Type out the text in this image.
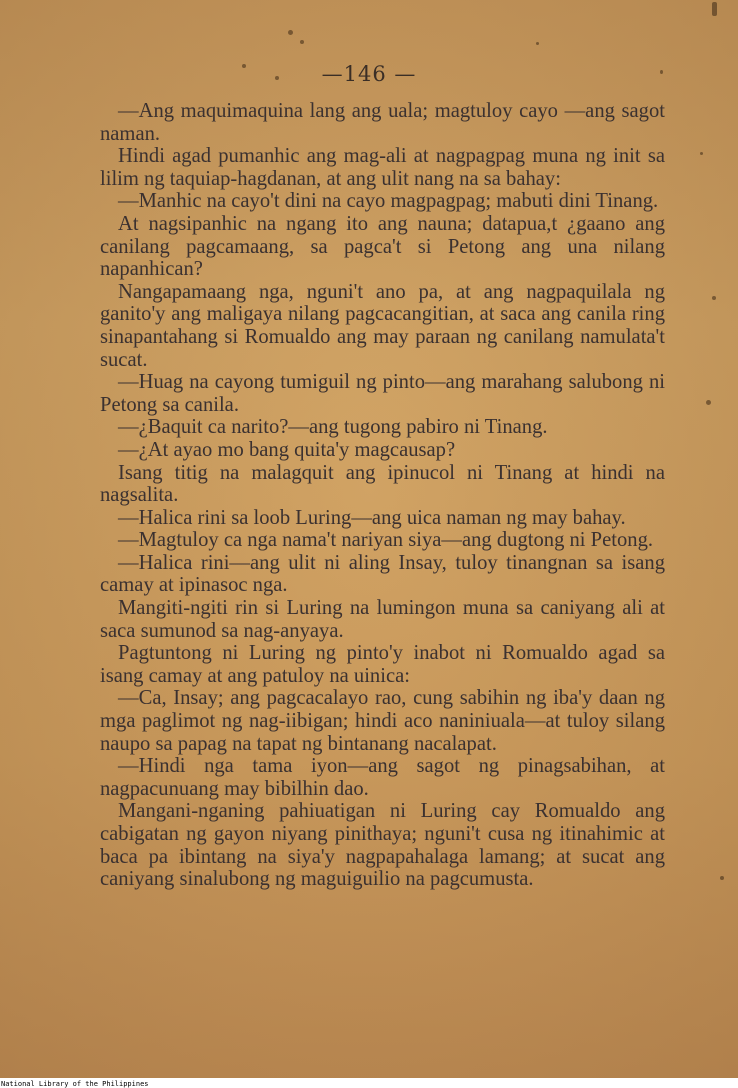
—146 —

—Ang maquimaquina lang ang uala; magtuloy cayo —ang sagot naman.

Hindi agad pumanhic ang mag-ali at nagpagpag muna ng init sa lilim ng taquiap-hagdanan, at ang ulit nang na sa bahay:

—Manhic na cayo't dini na cayo magpagpag; mabuti dini Tinang.

At nagsipanhic na ngang ito ang nauna; datapua,t ¿gaano ang canilang pagcamaang, sa pagca't si Petong ang una nilang napanhican?

Nangapamaang nga, nguni't ano pa, at ang nagpaquilala ng ganito'y ang maligaya nilang pagcacangitian, at saca ang canila ring sinapantahang si Romualdo ang may paraan ng canilang namulata't sucat.

—Huag na cayong tumiguil ng pinto—ang marahang salubong ni Petong sa canila.

—¿Baquit ca narito?—ang tugong pabiro ni Tinang.

—¿At ayao mo bang quita'y magcausap?

Isang titig na malagquit ang ipinucol ni Tinang at hindi na nagsalita.

—Halica rini sa loob Luring—ang uica naman ng may bahay.

—Magtuloy ca nga nama't nariyan siya—ang dugtong ni Petong.

—Halica rini—ang ulit ni aling Insay, tuloy tinangnan sa isang camay at ipinasoc nga.

Mangiti-ngiti rin si Luring na lumingon muna sa caniyang ali at saca sumunod sa nag-anyaya.

Pagtuntong ni Luring ng pinto'y inabot ni Romualdo agad sa isang camay at ang patuloy na uinica:

—Ca, Insay; ang pagcacalayo rao, cung sabihin ng iba'y daan ng mga paglimot ng nag-iibigan; hindi aco naniniuala—at tuloy silang naupo sa papag na tapat ng bintanang nacalapat.

—Hindi nga tama iyon—ang sagot ng pinagsabihan, at nagpacunuang may bibilhin dao.

Mangani-nganing pahiuatigan ni Luring cay Romualdo ang cabigatan ng gayon niyang pinithaya; nguni't cusa ng itinahimic at baca pa ibintang na siya'y nagpapahalaga lamang; at sucat ang caniyang sinalubong ng maguiguilio na pagcumusta.

National Library of the Philippines
